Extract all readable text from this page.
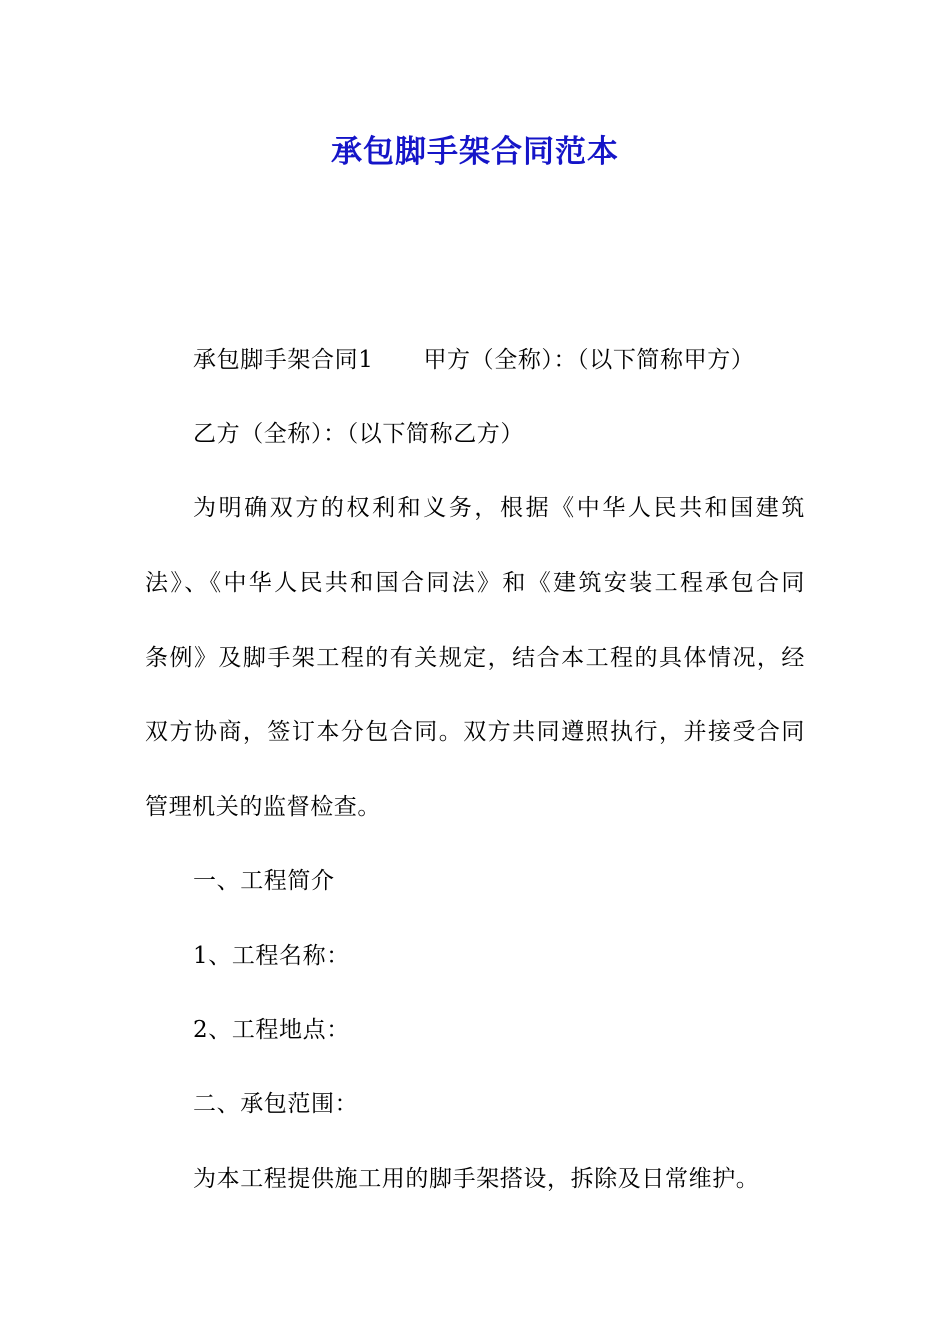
承包脚手架合同范本
承包脚手架合同1 甲方（全称）：（以下简称甲方）
乙方（全称）：（以下简称乙方）
为明确双方的权利和义务，根据《中华人民共和国建筑
法》、《中华人民共和国合同法》和《建筑安装工程承包合同
条例》及脚手架工程的有关规定，结合本工程的具体情况，经
双方协商，签订本分包合同。双方共同遵照执行，并接受合同
管理机关的监督检查。
一、工程简介
1、工程名称：
2、工程地点：
二、承包范围：
为本工程提供施工用的脚手架搭设，拆除及日常维护。
